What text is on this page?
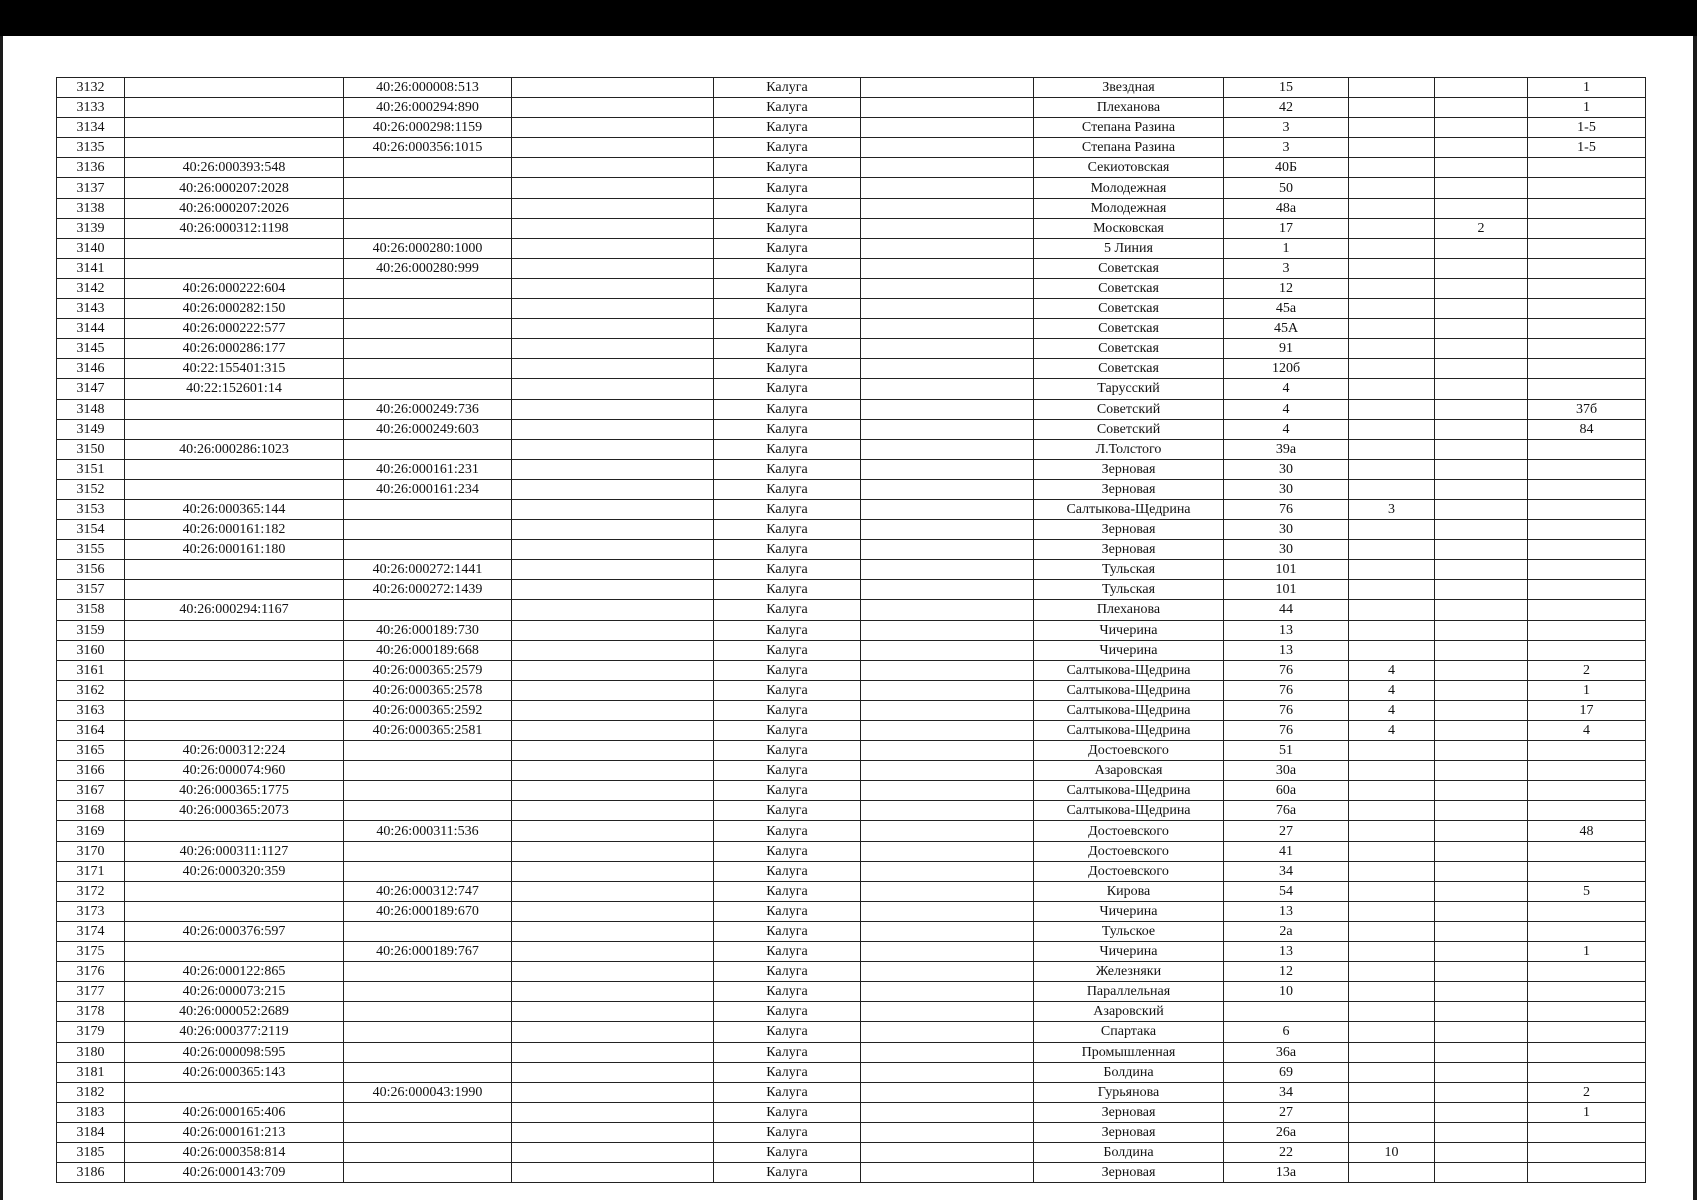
3132		40:26:000008:513		Калуга		Звездная	15			1
3133		40:26:000294:890		Калуга		Плеханова	42			1
3134		40:26:000298:1159		Калуга		Степана Разина	3			1-5
3135		40:26:000356:1015		Калуга		Степана Разина	3			1-5
3136	40:26:000393:548			Калуга		Секиотовская	40Б			
3137	40:26:000207:2028			Калуга		Молодежная	50			
3138	40:26:000207:2026			Калуга		Молодежная	48а			
3139	40:26:000312:1198			Калуга		Московская	17		2	
3140		40:26:000280:1000		Калуга		5 Линия	1			
3141		40:26:000280:999		Калуга		Советская	3			
3142	40:26:000222:604			Калуга		Советская	12			
3143	40:26:000282:150			Калуга		Советская	45а			
3144	40:26:000222:577			Калуга		Советская	45А			
3145	40:26:000286:177			Калуга		Советская	91			
3146	40:22:155401:315			Калуга		Советская	120б			
3147	40:22:152601:14			Калуга		Тарусский	4			
3148		40:26:000249:736		Калуга		Советский	4			37б
3149		40:26:000249:603		Калуга		Советский	4			84
3150	40:26:000286:1023			Калуга		Л.Толстого	39а			
3151		40:26:000161:231		Калуга		Зерновая	30			
3152		40:26:000161:234		Калуга		Зерновая	30			
3153	40:26:000365:144			Калуга		Салтыкова-Щедрина	76	3		
3154	40:26:000161:182			Калуга		Зерновая	30			
3155	40:26:000161:180			Калуга		Зерновая	30			
3156		40:26:000272:1441		Калуга		Тульская	101			
3157		40:26:000272:1439		Калуга		Тульская	101			
3158	40:26:000294:1167			Калуга		Плеханова	44			
3159		40:26:000189:730		Калуга		Чичерина	13			
3160		40:26:000189:668		Калуга		Чичерина	13			
3161		40:26:000365:2579		Калуга		Салтыкова-Щедрина	76	4		2
3162		40:26:000365:2578		Калуга		Салтыкова-Щедрина	76	4		1
3163		40:26:000365:2592		Калуга		Салтыкова-Щедрина	76	4		17
3164		40:26:000365:2581		Калуга		Салтыкова-Щедрина	76	4		4
3165	40:26:000312:224			Калуга		Достоевского	51			
3166	40:26:000074:960			Калуга		Азаровская	30а			
3167	40:26:000365:1775			Калуга		Салтыкова-Щедрина	60а			
3168	40:26:000365:2073			Калуга		Салтыкова-Щедрина	76а			
3169		40:26:000311:536		Калуга		Достоевского	27			48
3170	40:26:000311:1127			Калуга		Достоевского	41			
3171	40:26:000320:359			Калуга		Достоевского	34			
3172		40:26:000312:747		Калуга		Кирова	54			5
3173		40:26:000189:670		Калуга		Чичерина	13			
3174	40:26:000376:597			Калуга		Тульское	2а			
3175		40:26:000189:767		Калуга		Чичерина	13			1
3176	40:26:000122:865			Калуга		Железняки	12			
3177	40:26:000073:215			Калуга		Параллельная	10			
3178	40:26:000052:2689			Калуга		Азаровский				
3179	40:26:000377:2119			Калуга		Спартака	6			
3180	40:26:000098:595			Калуга		Промышленная	36а			
3181	40:26:000365:143			Калуга		Болдина	69			
3182		40:26:000043:1990		Калуга		Гурьянова	34			2
3183	40:26:000165:406			Калуга		Зерновая	27			1
3184	40:26:000161:213			Калуга		Зерновая	26а			
3185	40:26:000358:814			Калуга		Болдина	22	10		
3186	40:26:000143:709			Калуга		Зерновая	13а			
